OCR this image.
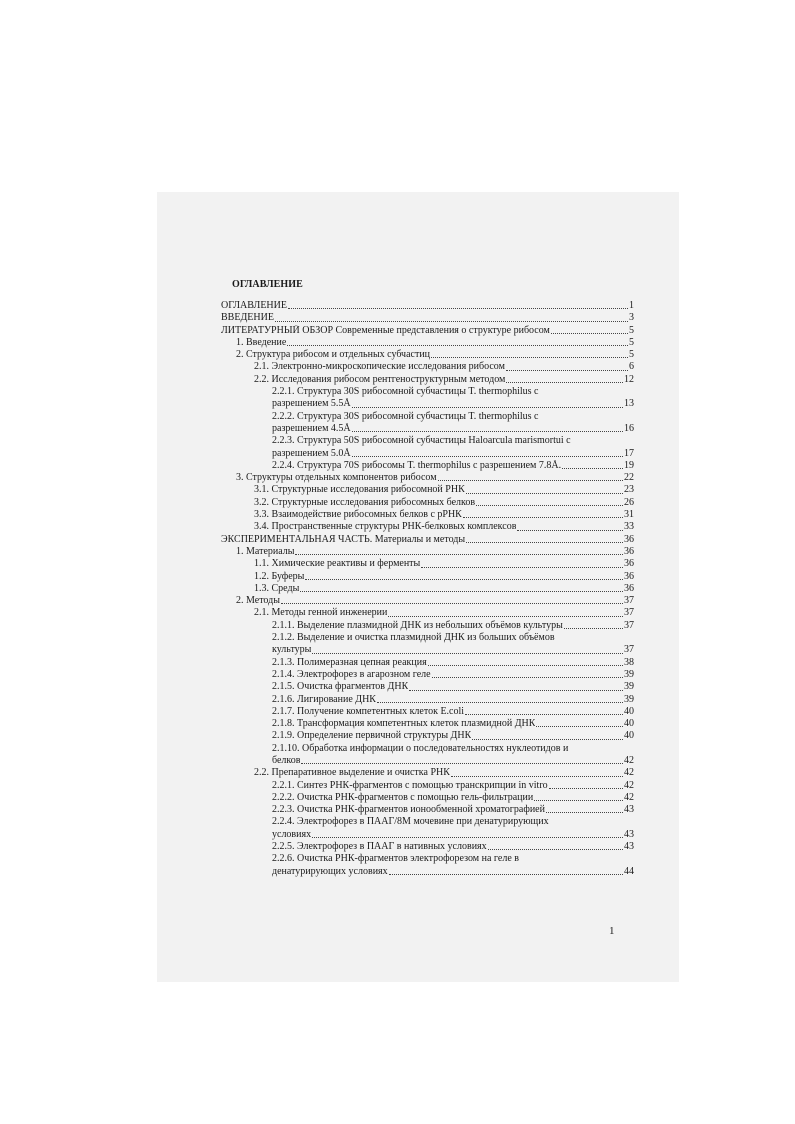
ОГЛАВЛЕНИЕ
ОГЛАВЛЕНИЕ	1
ВВЕДЕНИЕ	3
ЛИТЕРАТУРНЫЙ ОБЗОР Современные представления о структуре рибосом	5
1. Введение	5
2. Структура рибосом и отдельных субчастиц	5
2.1. Электронно-микроскопические исследования рибосом	6
2.2. Исследования рибосом рентгеноструктурным методом	12
2.2.1. Структура 30S рибосомной субчастицы T. thermophilus с
разрешением 5.5Å	13
2.2.2. Структура 30S рибосомной субчастицы T. thermophilus с
разрешением 4.5Å	16
2.2.3. Структура 50S рибосомной субчастицы Haloarcula marismortui с
разрешением 5.0Å	17
2.2.4. Структура 70S рибосомы T. thermophilus с разрешением 7.8Å.	19
3. Структуры отдельных компонентов рибосом	22
3.1. Структурные исследования рибосомной РНК	23
3.2. Структурные исследования рибосомных белков	26
3.3. Взаимодействие рибосомных белков с рРНК	31
3.4. Пространственные структуры РНК-белковых комплексов	33
ЭКСПЕРИМЕНТАЛЬНАЯ ЧАСТЬ. Материалы и методы	36
1. Материалы	36
1.1. Химические реактивы и ферменты	36
1.2. Буферы	36
1.3. Среды	36
2. Методы	37
2.1. Методы генной инженерии	37
2.1.1. Выделение плазмидной ДНК из небольших объёмов культуры	37
2.1.2. Выделение и очистка плазмидной ДНК из больших объёмов
культуры	37
2.1.3. Полимеразная цепная реакция	38
2.1.4. Электрофорез в агарозном геле	39
2.1.5. Очистка фрагментов ДНК	39
2.1.6. Лигирование ДНК	39
2.1.7. Получение компетентных клеток E.coli	40
2.1.8. Трансформация компетентных клеток плазмидной ДНК	40
2.1.9. Определение первичной структуры ДНК	40
2.1.10. Обработка информации о последовательностях нуклеотидов и
белков	42
2.2. Препаративное выделение и очистка РНК	42
2.2.1. Синтез РНК-фрагментов с помощью транскрипции in vitro	42
2.2.2. Очистка РНК-фрагментов с помощью гель-фильтрации	42
2.2.3. Очистка РНК-фрагментов ионообменной хроматографией	43
2.2.4. Электрофорез в ПААГ/8М мочевине при денатурирующих
условиях	43
2.2.5. Электрофорез в ПААГ в нативных условиях	43
2.2.6. Очистка РНК-фрагментов электрофорезом на геле в
денатурирующих условиях	44
1
